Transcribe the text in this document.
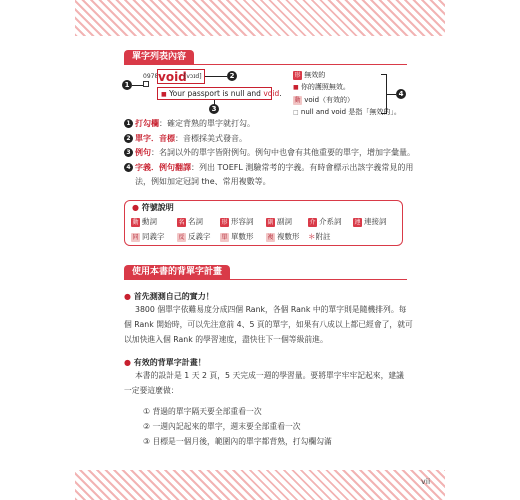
vii
單字列表內容
1
0978 void
[vɔɪd]	2
■ Your passport is null and void.
3
形 無效的
■ 你的護照無效。
動 void（有效的）
□ null and void 是指「無效的」。
4
1 打勾欄：確定背熟的單字就打勾。
2 單字．音標：音標採美式發音。
3 例句：名詞以外的單字皆附例句。例句中也會有其他重要的單字，增加字彙量。
4 字義．例句翻譯：列出 TOEFL 測驗常考的字義。有時會標示出該字義常見的用
法，例如加定冠詞 the、常用複數等。
● 符號說明
動 動詞	名 名詞	形 形容詞 副 副詞	介 介系詞 連 連接詞
同 同義字 反 反義字 單 單數形 複 複數形 ＊附註
使用本書的背單字計畫
● 首先測測自己的實力！
3800 個單字依難易度分成四個 Rank，各個 Rank 中的單字則是隨機排列。每
個 Rank 開始時，可以先注意前 4、5 頁的單字，如果有八成以上都已經會了，就可
以加快進入個 Rank 的學習速度，盡快往下一個等級前進。
● 有效的背單字計畫！
本書的設計是 1 天 2 頁，5 天完成一週的學習量。要將單字牢牢記起來，建議
一定要這麼做：
① 背過的單字隔天要全部重看一次
② 一週內記起來的單字，週末要全部重看一次
③ 目標是一個月後，範圍內的單字都背熟，打勾欄勾滿
